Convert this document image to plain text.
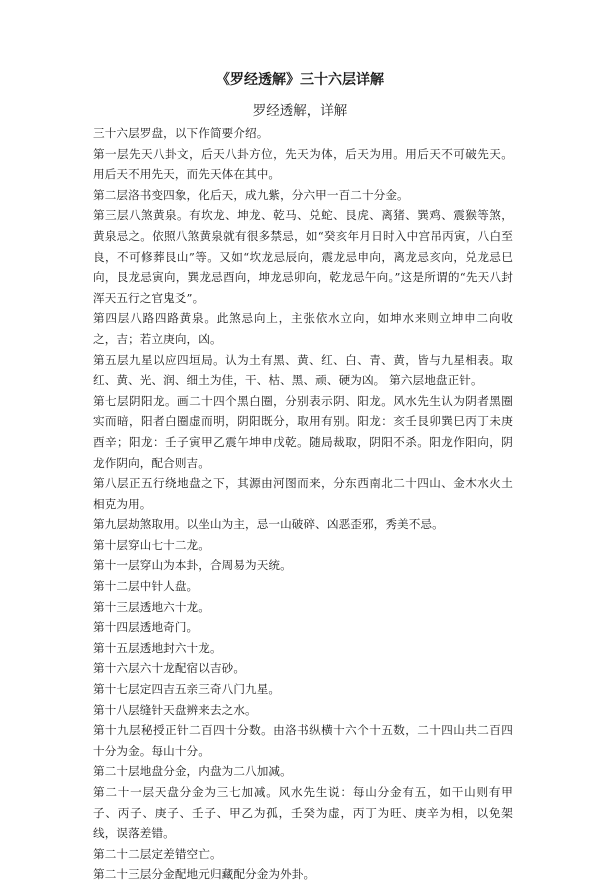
《罗经透解》三十六层详解
罗经透解，详解

三十六层罗盘，以下作简要介绍。

第一层先天八卦文，后天八卦方位，先天为体，后天为用。用后天不可破先天。用后天不用先天，而先天体在其中。

第二层洛书变四象，化后天，成九紫，分六甲一百二十分金。

第三层八煞黄泉。有坎龙、坤龙、乾马、兑蛇、艮虎、离猪、巽鸡、震猴等煞，黄泉忌之。依照八煞黄泉就有很多禁忌，如“癸亥年月日时入中宫吊丙寅，八白至良，不可修葬艮山”等。又如“坎龙忌辰向，震龙忌申向，离龙忌亥向，兑龙忌巳向，艮龙忌寅向，巽龙忌酉向，坤龙忌卯向，乾龙忌午向。”这是所谓的“先天八封浑天五行之官鬼爻”。

第四层八路四路黄泉。此煞忌向上，主张依水立向，如坤水来则立坤申二向收之，吉；若立庚向，凶。

第五层九星以应四垣局。认为土有黑、黄、红、白、青、黄，皆与九星相表。取红、黄、光、润、细土为佳，干、枯、黑、顽、硬为凶。 第六层地盘正针。

第七层阴阳龙。画二十四个黑白圈，分别表示阴、阳龙。风水先生认为阴者黑圈实而暗，阳者白圈虚而明，阴阳既分，取用有别。阳龙：亥壬艮卯巽巳丙丁未庚酉辛；阳龙：壬子寅甲乙震午坤申戊乾。随局裁取，阴阳不杀。阳龙作阳向，阴龙作阴向，配合则吉。

第八层正五行绕地盘之下，其源由河图而来，分东西南北二十四山、金木水火土相克为用。

第九层劫煞取用。以坐山为主，忌一山破碎、凶恶歪邪，秀美不忌。

第十层穿山七十二龙。

第十一层穿山为本卦，合周易为天统。

第十二层中针人盘。

第十三层透地六十龙。

第十四层透地奇门。

第十五层透地封六十龙。

第十六层六十龙配宿以吉砂。

第十七层定四吉五亲三奇八门九星。

第十八层缝针天盘辨来去之水。

第十九层秘授正针二百四十分数。由洛书纵横十六个十五数，二十四山共二百四十分为金。每山十分。

第二十层地盘分金，内盘为二八加减。

第二十一层天盘分金为三七加减。风水先生说：每山分金有五，如干山则有甲子、丙子、庚子、壬子、甲乙为孤，壬癸为虚，丙丁为旺、庚辛为相，以免架线，误落差错。

第二十二层定差错空亡。

第二十三层分金配地元归藏配分金为外卦。
